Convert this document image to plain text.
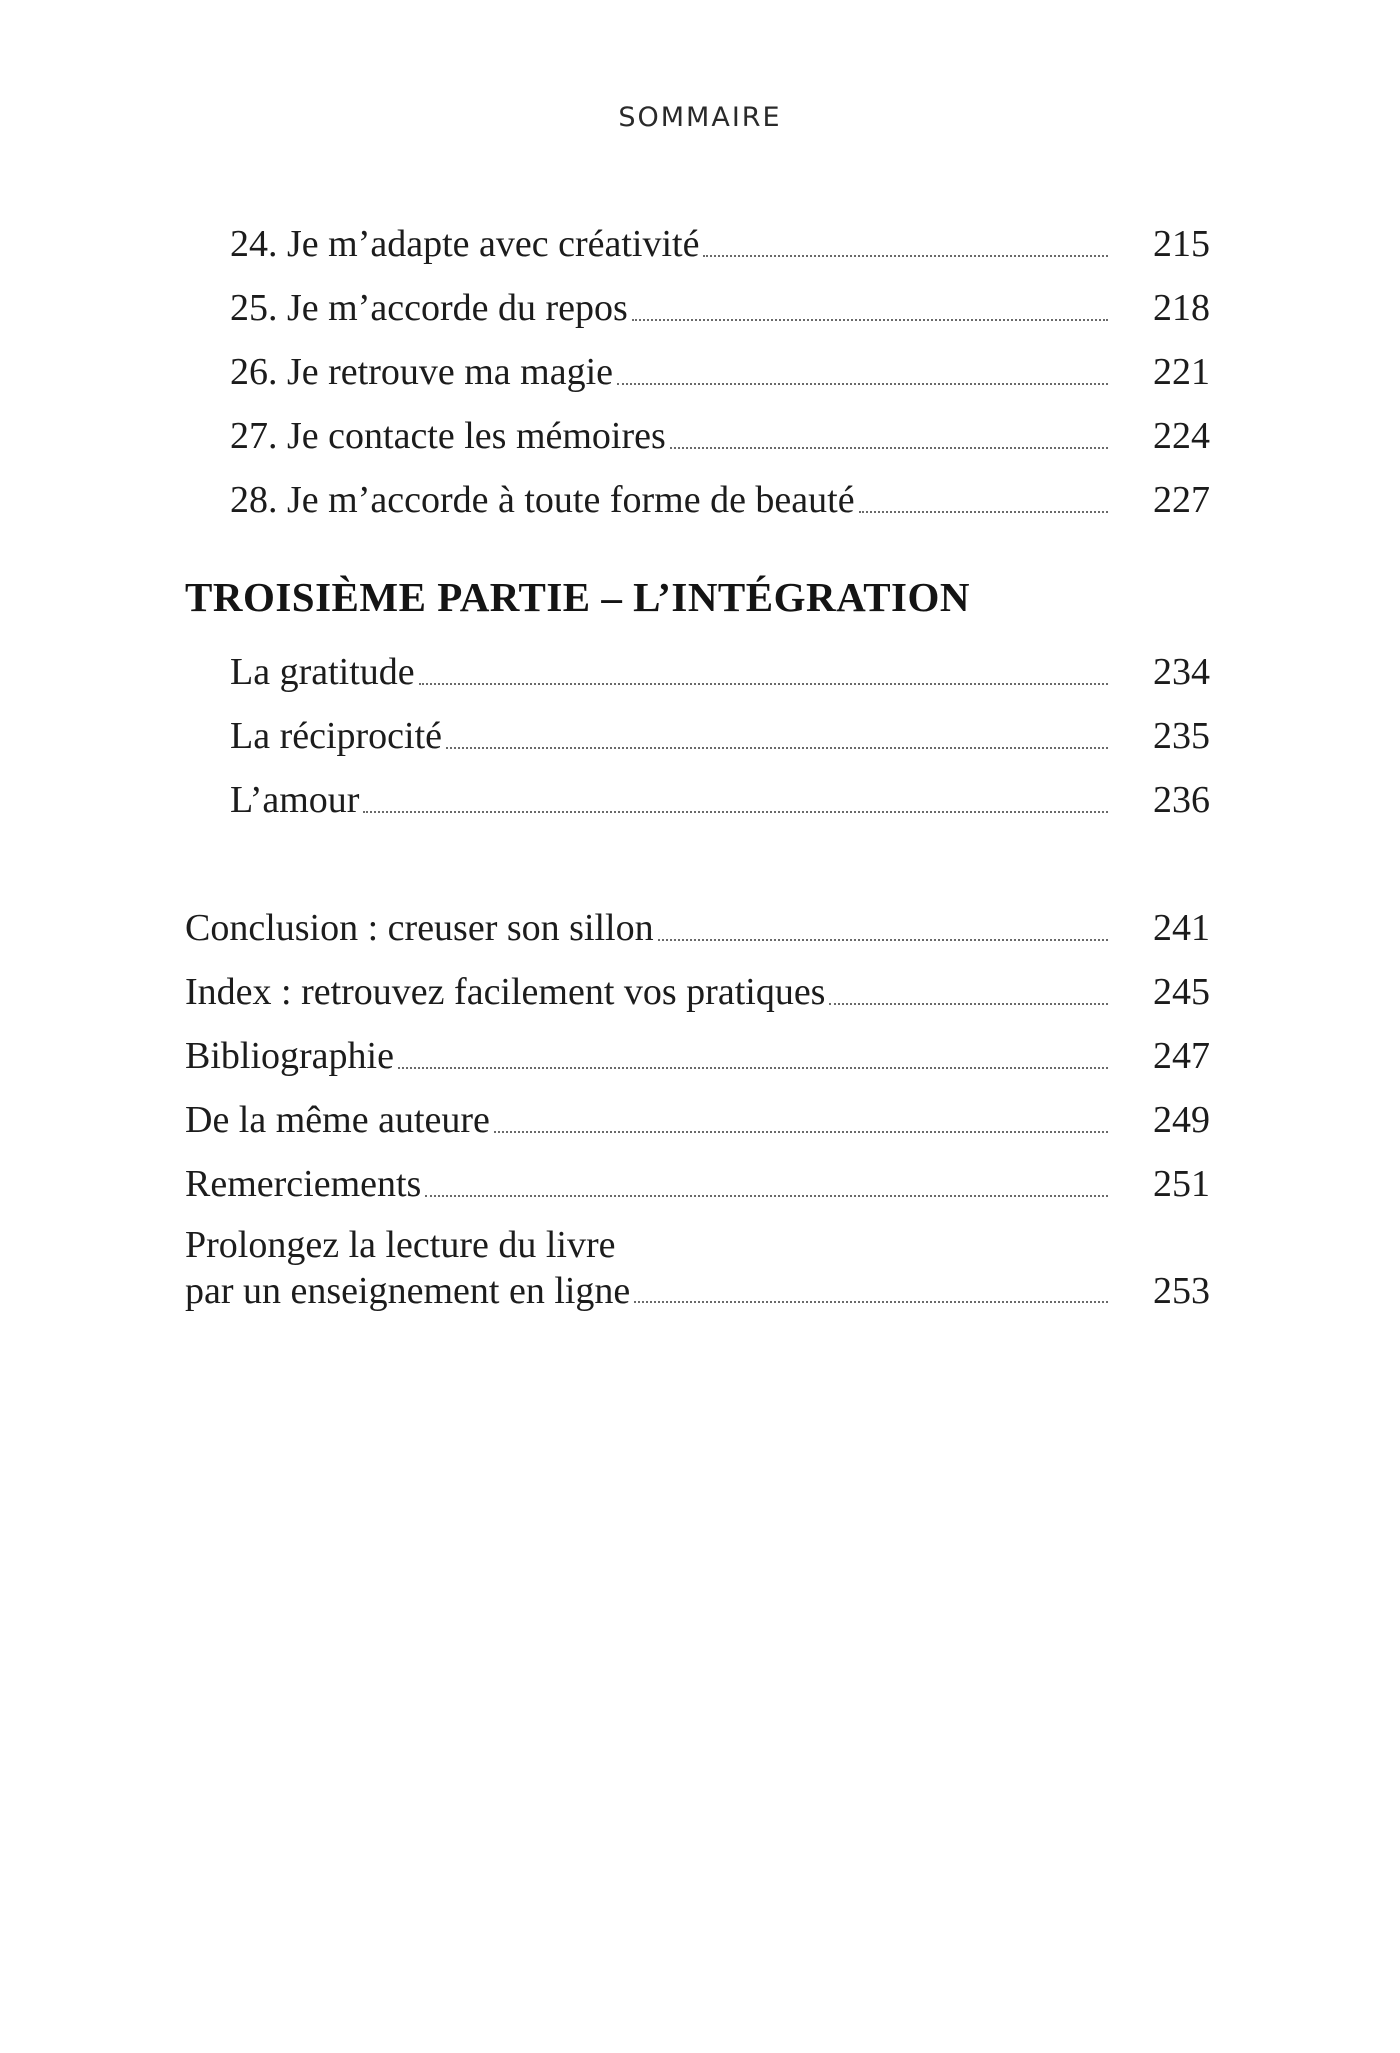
SOMMAIRE
24. Je m’adapte avec créativité	215
25. Je m’accorde du repos	218
26. Je retrouve ma magie	221
27. Je contacte les mémoires	224
28. Je m’accorde à toute forme de beauté	227
TROISIÈME PARTIE – L’INTÉGRATION
La gratitude	234
La réciprocité	235
L’amour	236
Conclusion : creuser son sillon	241
Index : retrouvez facilement vos pratiques	245
Bibliographie	247
De la même auteure	249
Remerciements	251
Prolongez la lecture du livre
par un enseignement en ligne	253
